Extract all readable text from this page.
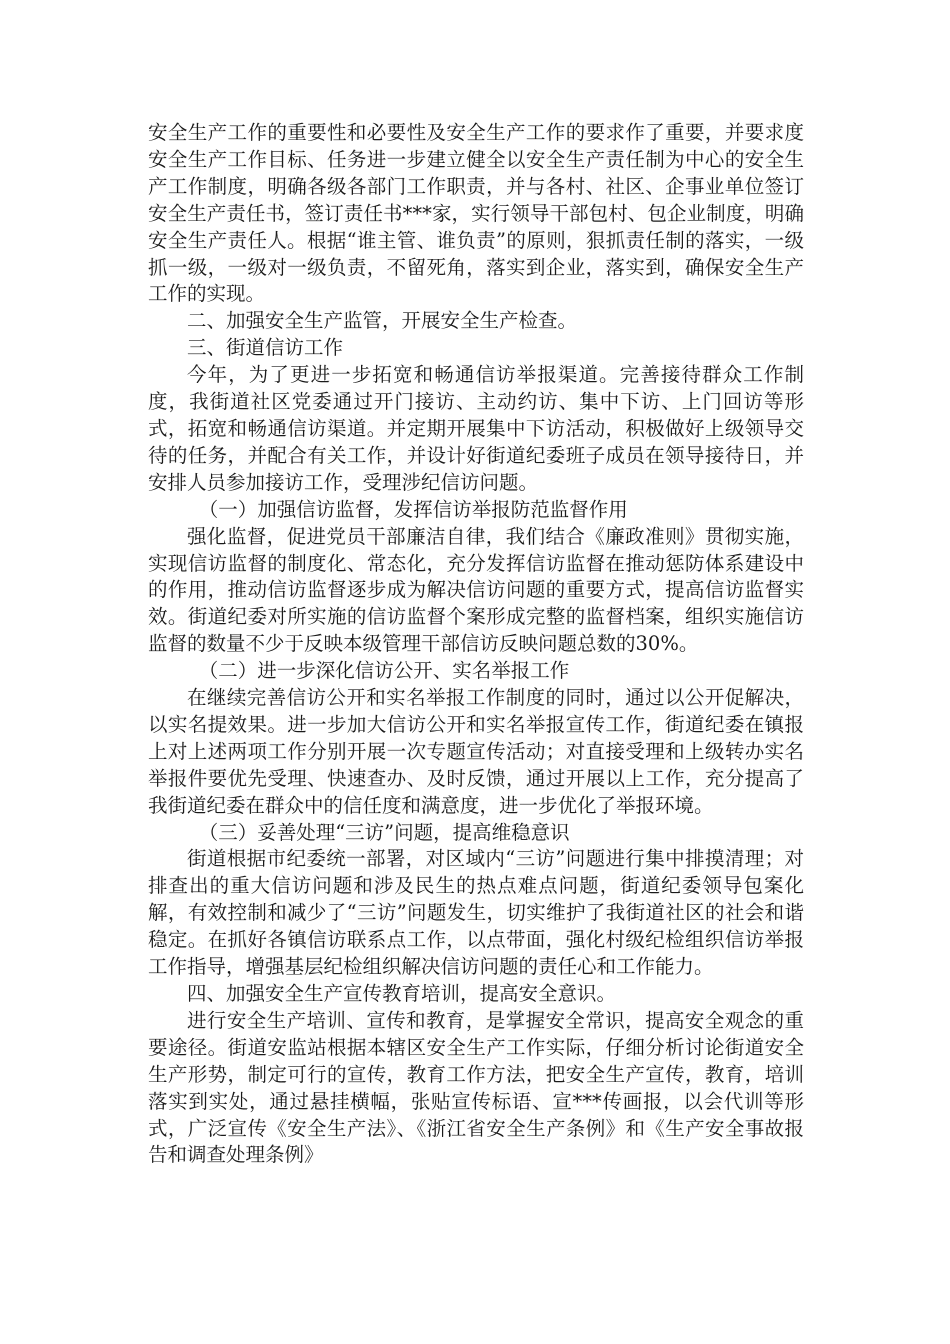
安全生产工作的重要性和必要性及安全生产工作的要求作了重要，并要求度安全生产工作目标、任务进一步建立健全以安全生产责任制为中心的安全生产工作制度，明确各级各部门工作职责，并与各村、社区、企事业单位签订安全生产责任书，签订责任书***家，实行领导干部包村、包企业制度，明确安全生产责任人。根据“谁主管、谁负责”的原则，狠抓责任制的落实，一级抓一级，一级对一级负责，不留死角，落实到企业，落实到，确保安全生产工作的实现。

二、加强安全生产监管，开展安全生产检查。

三、街道信访工作

今年，为了更进一步拓宽和畅通信访举报渠道。完善接待群众工作制度，我街道社区党委通过开门接访、主动约访、集中下访、上门回访等形式，拓宽和畅通信访渠道。并定期开展集中下访活动，积极做好上级领导交待的任务，并配合有关工作，并设计好街道纪委班子成员在领导接待日，并安排人员参加接访工作，受理涉纪信访问题。

（一）加强信访监督，发挥信访举报防范监督作用

强化监督，促进党员干部廉洁自律，我们结合《廉政准则》贯彻实施，实现信访监督的制度化、常态化，充分发挥信访监督在推动惩防体系建设中的作用，推动信访监督逐步成为解决信访问题的重要方式，提高信访监督实效。街道纪委对所实施的信访监督个案形成完整的监督档案，组织实施信访监督的数量不少于反映本级管理干部信访反映问题总数的30%。

（二）进一步深化信访公开、实名举报工作

在继续完善信访公开和实名举报工作制度的同时，通过以公开促解决，以实名提效果。进一步加大信访公开和实名举报宣传工作，街道纪委在镇报上对上述两项工作分别开展一次专题宣传活动；对直接受理和上级转办实名举报件要优先受理、快速查办、及时反馈，通过开展以上工作，充分提高了我街道纪委在群众中的信任度和满意度，进一步优化了举报环境。

（三）妥善处理“三访”问题，提高维稳意识

街道根据市纪委统一部署，对区域内“三访”问题进行集中排摸清理；对排查出的重大信访问题和涉及民生的热点难点问题，街道纪委领导包案化解，有效控制和减少了“三访”问题发生，切实维护了我街道社区的社会和谐稳定。在抓好各镇信访联系点工作，以点带面，强化村级纪检组织信访举报工作指导，增强基层纪检组织解决信访问题的责任心和工作能力。

四、加强安全生产宣传教育培训，提高安全意识。

进行安全生产培训、宣传和教育，是掌握安全常识，提高安全观念的重要途径。街道安监站根据本辖区安全生产工作实际，仔细分析讨论街道安全生产形势，制定可行的宣传，教育工作方法，把安全生产宣传，教育，培训落实到实处，通过悬挂横幅，张贴宣传标语、宣***传画报，以会代训等形式，广泛宣传《安全生产法》、《浙江省安全生产条例》和《生产安全事故报告和调查处理条例》
